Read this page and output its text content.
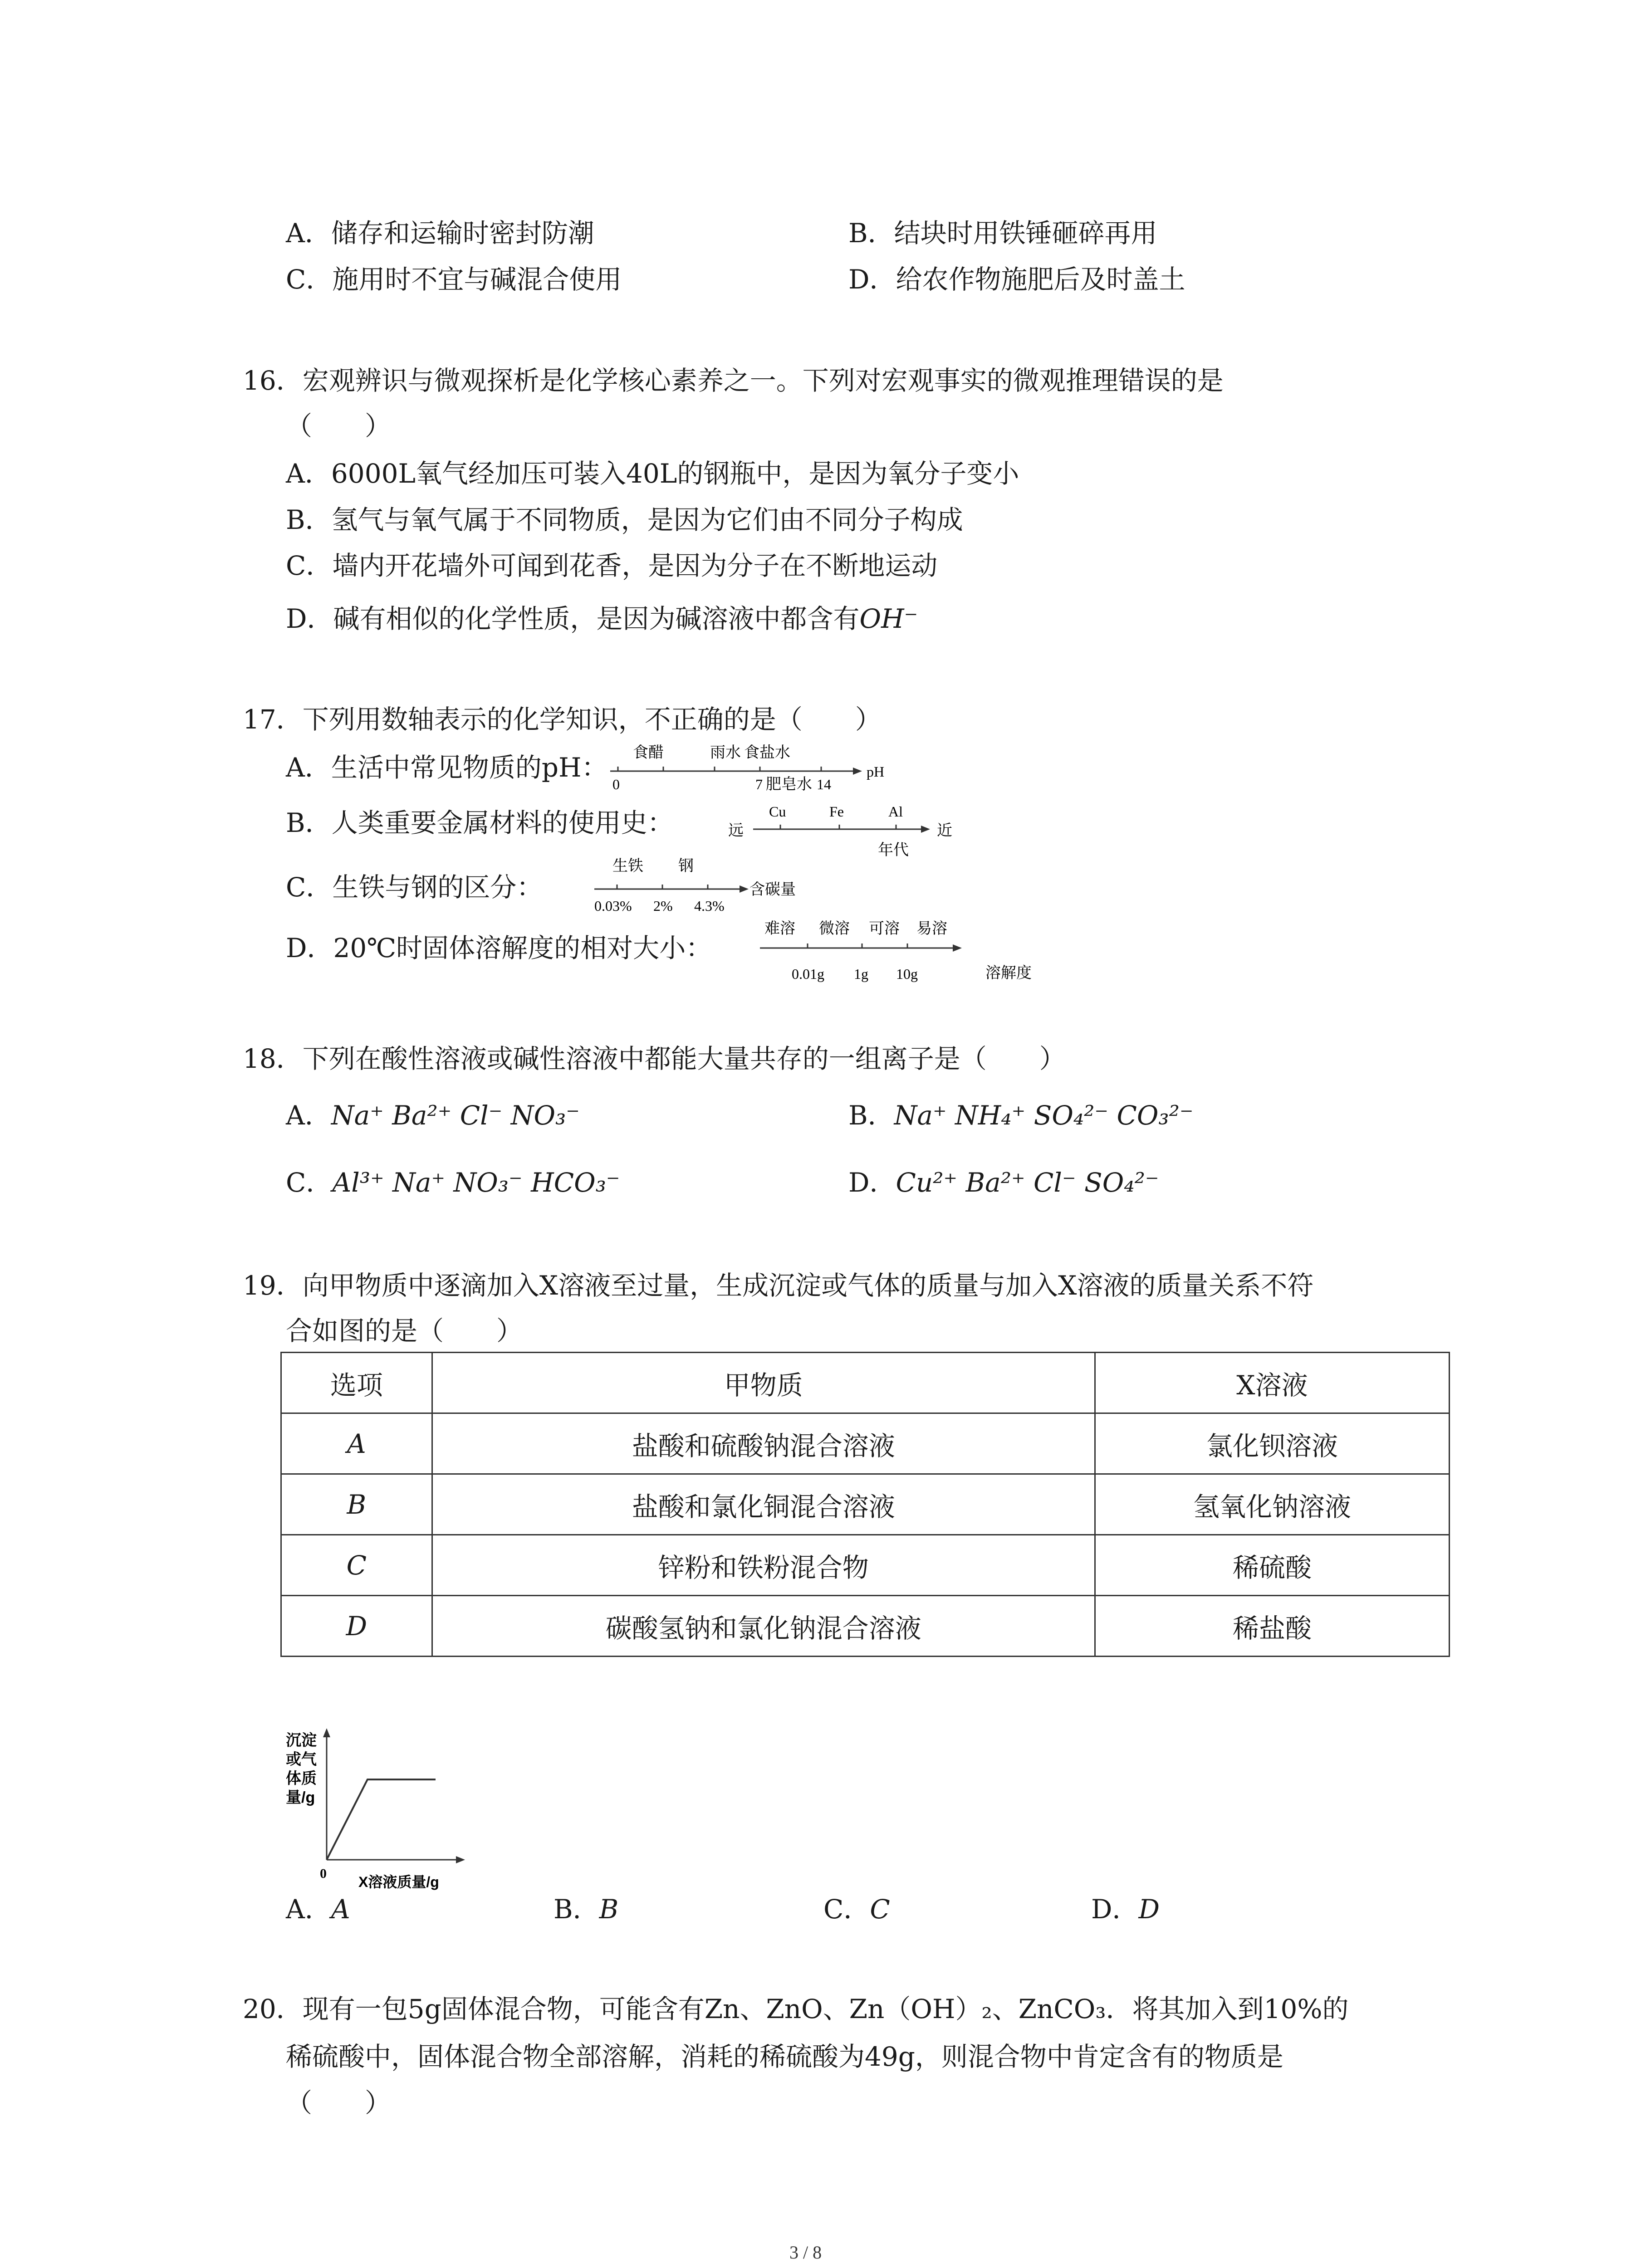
A．储存和运输时密封防潮	B．结块时用铁锤砸碎再用
C．施用时不宜与碱混合使用	D．给农作物施肥后及时盖土
16．宏观辨识与微观探析是化学核心素养之一。下列对宏观事实的微观推理错误的是
（　　）
A．6000L氧气经加压可装入40L的钢瓶中，是因为氧分子变小
B．氢气与氧气属于不同物质，是因为它们由不同分子构成
C．墙内开花墙外可闻到花香，是因为分子在不断地运动
D．碱有相似的化学性质，是因为碱溶液中都含有OH⁻
17．下列用数轴表示的化学知识，不正确的是（　　）
A．生活中常见物质的pH：
B．人类重要金属材料的使用史：
C．生铁与钢的区分：
D．20℃时固体溶解度的相对大小：
食醋	雨水 食盐水
0	7 肥皂水 14
pH
远
Cu	Fe	Al
近
年代
生铁 钢
0.03% 2% 4.3%
含碳量
难溶 微溶 可溶 易溶
0.01g 1g 10g	溶解度
18．下列在酸性溶液或碱性溶液中都能大量共存的一组离子是（　　）
A．Na⁺ Ba²⁺ Cl⁻ NO₃⁻	B．Na⁺ NH₄⁺ SO₄²⁻ CO₃²⁻
C．Al³⁺ Na⁺ NO₃⁻ HCO₃⁻	D．Cu²⁺ Ba²⁺ Cl⁻ SO₄²⁻
19．向甲物质中逐滴加入X溶液至过量，生成沉淀或气体的质量与加入X溶液的质量关系不符
合如图的是（　　）
选项	甲物质	X溶液
A	盐酸和硫酸钠混合溶液	氯化钡溶液
B	盐酸和氯化铜混合溶液	氢氧化钠溶液
C	锌粉和铁粉混合物	稀硫酸
D	碳酸氢钠和氯化钠混合溶液	稀盐酸
沉淀
或气
体质
量/g
0
X溶液质量/g
A．A	B．B	C．C	D．D
20．现有一包5g固体混合物，可能含有Zn、ZnO、Zn（OH）₂、ZnCO₃．将其加入到10%的
稀硫酸中，固体混合物全部溶解，消耗的稀硫酸为49g，则混合物中肯定含有的物质是
（　　）
3 / 8
